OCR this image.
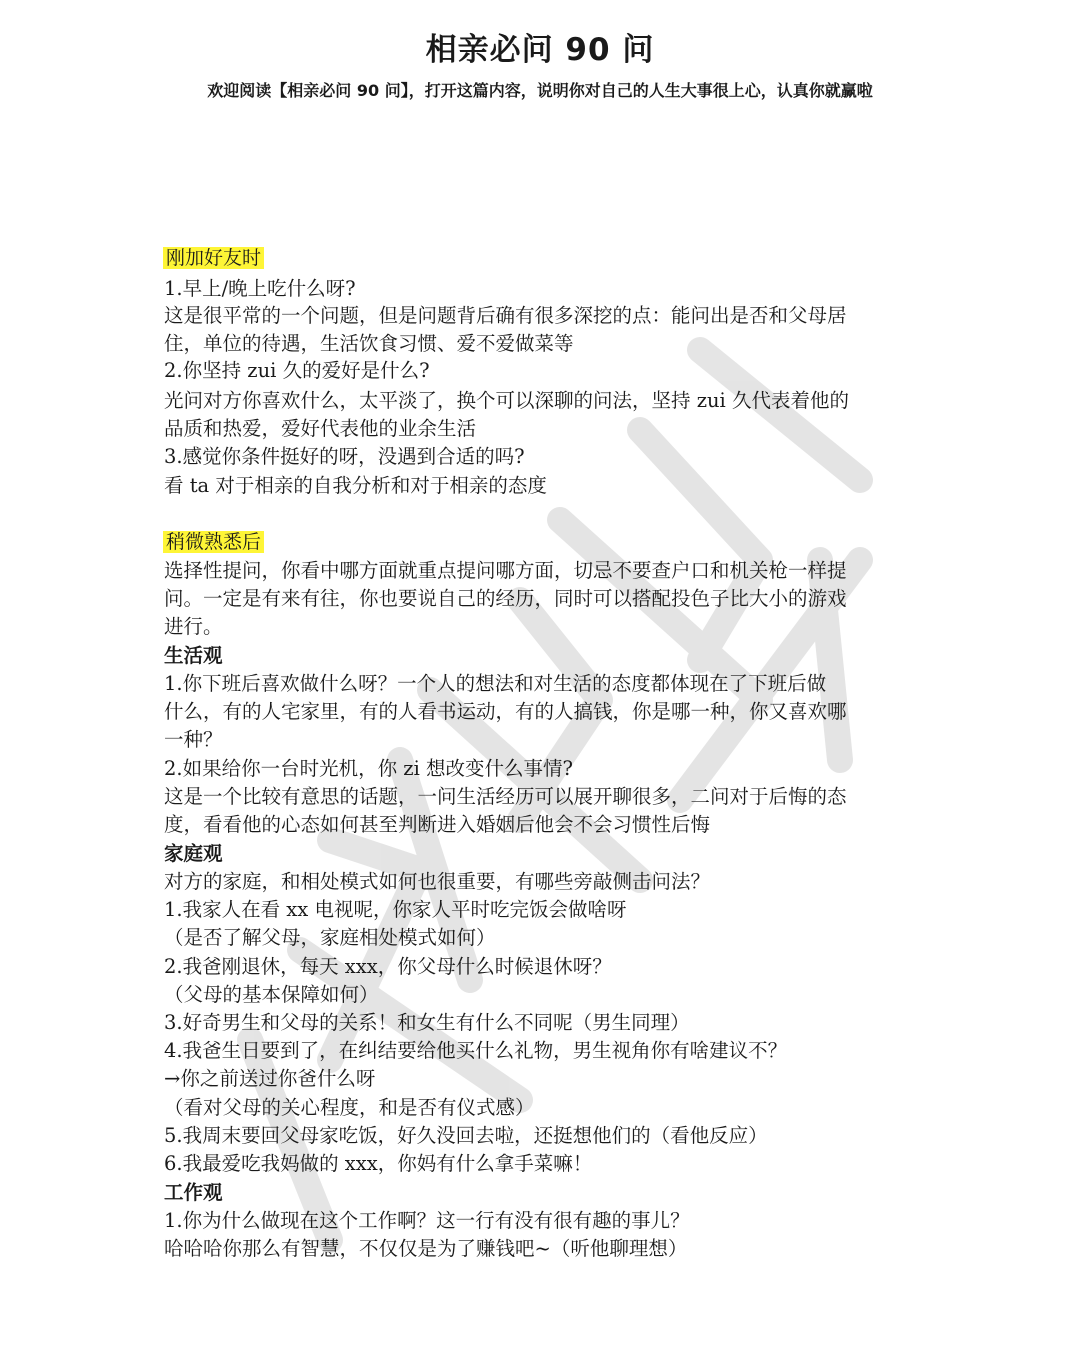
相亲必问 90 问

欢迎阅读【相亲必问 90 问】，打开这篇内容，说明你对自己的人生大事很上心，认真你就赢啦

刚加好友时

1.早上/晚上吃什么呀?

这是很平常的一个问题，但是问题背后确有很多深挖的点：能问出是否和父母居

住，单位的待遇，生活饮食习惯、爱不爱做菜等

2.你坚持 zui 久的爱好是什么?

光问对方你喜欢什么，太平淡了，换个可以深聊的问法，坚持 zui 久代表着他的

品质和热爱，爱好代表他的业余生活

3.感觉你条件挺好的呀，没遇到合适的吗?

看 ta 对于相亲的自我分析和对于相亲的态度

稍微熟悉后

选择性提问，你看中哪方面就重点提问哪方面，切忌不要查户口和机关枪一样提

问。一定是有来有往，你也要说自己的经历，同时可以搭配投色子比大小的游戏

进行。

生活观

1.你下班后喜欢做什么呀？一个人的想法和对生活的态度都体现在了下班后做

什么，有的人宅家里，有的人看书运动，有的人搞钱，你是哪一种，你又喜欢哪

一种？

2.如果给你一台时光机，你 zi 想改变什么事情?

这是一个比较有意思的话题，一问生活经历可以展开聊很多，二问对于后悔的态

度，看看他的心态如何甚至判断进入婚姻后他会不会习惯性后悔

家庭观

对方的家庭，和相处模式如何也很重要，有哪些旁敲侧击问法？

1.我家人在看 xx 电视呢，你家人平时吃完饭会做啥呀

（是否了解父母，家庭相处模式如何）

2.我爸刚退休，每天 xxx，你父母什么时候退休呀？

（父母的基本保障如何）

3.好奇男生和父母的关系！和女生有什么不同呢（男生同理）

4.我爸生日要到了，在纠结要给他买什么礼物，男生视角你有啥建议不？

→你之前送过你爸什么呀

（看对父母的关心程度，和是否有仪式感）

5.我周末要回父母家吃饭，好久没回去啦，还挺想他们的（看他反应）

6.我最爱吃我妈做的 xxx，你妈有什么拿手菜嘛！

工作观

1.你为什么做现在这个工作啊？这一行有没有很有趣的事儿？

哈哈哈你那么有智慧，不仅仅是为了赚钱吧~（听他聊理想）
